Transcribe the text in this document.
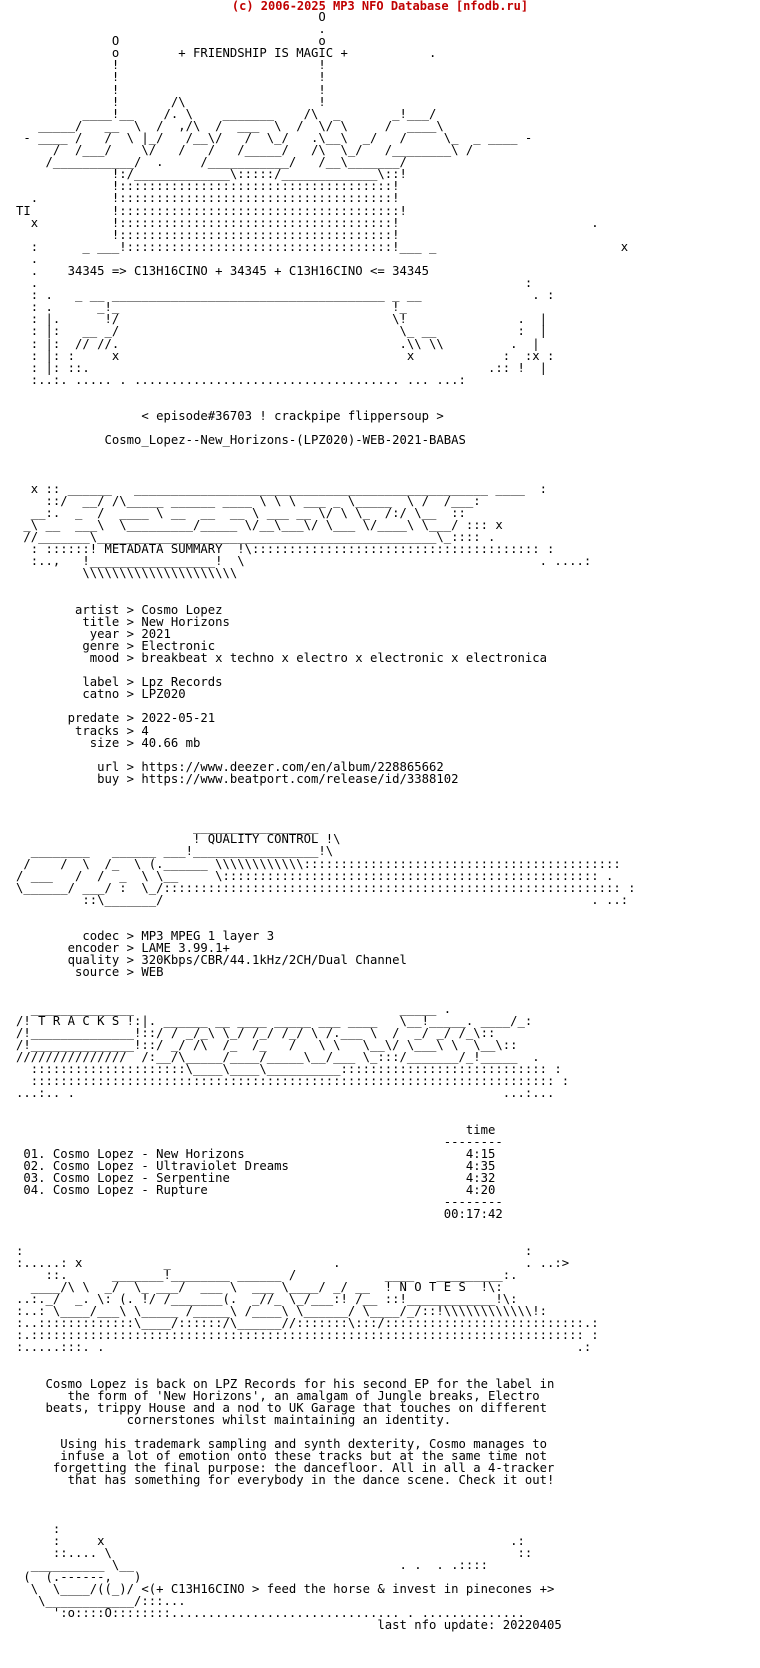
(c) 2006-2025 MP3 NFO Database [nfodb.ru]
O
.
O                           o
o        + FRIENDSHIP IS MAGIC +           .
!                           !
!                           !
!                           !
!       /\                  !
____!__    /. \    _______    /\  _       _!___/
_____/   __  \  /  ,/\  /  ___  \  /  \/ \     /  ____\
- ____ /   /  \ |_/   /__\/   /  \_/   .\__\  _/   /     \_  _ ____ -
/  /___/    \/   /   /   /_____/   /\  \_/   /________\ /
/___________/  .     /___________/   /__\_______/
!:/_____________\:::::/_____________\::!
!:::::::::::::::::::::::::::::::::::::!
.          !:::::::::::::::::::::::::::::::::::::!
TI           !::::::::::::::::::::::::::::::::::::::!
x          !:::::::::::::::::::::::::::::::::::::!                          .
!:::::::::::::::::::::::::::::::::::::!
:      _ ___!::::::::::::::::::::::::::::::::::::!___ _                         x
.
.    34345 => C13H16CINO + 34345 + C13H16CINO <= 34345
.                                                                  :
: .   _ __ _____________________________________ _ __               . :
: .      _!_                                     !_
: |.      !/                                     \!               .  |
: |:   __ _/                                      \_ __           :  |
: |:  // //.                                      .\\ \\         .  |
: |: :     x                                       x            :  :x :
: |: ::.                                                      .:: !  |
:..:. ..... . .................................... ... ...:

< episode#36703 ! crackpipe flippersoup >

Cosmo_Lopez--New_Horizons-(LPZ020)-WEB-2021-BABAS

x :: ______   ________________________________________________ ____  :
::/  __/ /\_____ ______ ____ \ \ \ ___ _ \_____  \ /  /___:
__:.  _  /  ____ \ __  __  __ \ ___ __ \/ \ \_  /:/ \__  ::
_\ __  ___\  \_________/_____ \/__\___\/ \___ \/____\ \___/ ::: x
//_______\______________________________________________\_:::: .
: ::::::! METADATA SUMMARY  !\::::::::::::::::::::::::::::::::::::::: :
:..,   !_________________!  \                                        . ....:
\\\\\\\\\\\\\\\\\\\\\

artist > Cosmo Lopez
title > New Horizons
year > 2021
genre > Electronic
mood > breakbeat x techno x electro x electronic x electronica

label > Lpz Records
catno > LPZ020

predate > 2022-05-21
tracks > 4
size > 40.66 mb

url > https://www.deezer.com/en/album/228865662
buy > https://www.beatport.com/release/id/3388102

_________________
! QUALITY CONTROL !\
________   ______ ___!_________________!\
/    /  \  /_  \ (.______ \\\\\\\\\\\\:::::::::::::::::::::::::::::::::::::::::::
/ ___   /  /  _  \ \__     \::::::::::::::::::::::::::::::::::::::::::::::::::: .
\______/ ___/ :  \_/:::::::::::::::::::::::::::::::::::::::::::::::::::::::::::::: :
::\_______/                                                          . ..:

codec > MP3 MPEG 1 layer 3
encoder > LAME 3.99.1+
quality > 320Kbps/CBR/44.1kHz/2CH/Dual Channel
source > WEB

______________                                    _____ .
/! T R A C K S !:|. ______ __ ____ _____ ___ ____   \__!_____. ____/_:
/!______________!::/ / _/_\ \_/ /_/ /_/ \ /.___ \  /  _/ _/ /_\::
/!______________!::/ _/ /\  /_  /_   /   \ \   \__\/ \___\ \  \__\::
///////////////  /:__/\_____/____/_____\__/___ \_:::/_______/_!_____  .
:::::::::::::::::::::\____\____\__________:::::::::::::::::::::::::::: :
::::::::::::::::::::::::::::::::::::::::::::::::::::::::::::::::::::::: :
...:.. .                                                          ...:...

time
--------
01. Cosmo Lopez - New Horizons                              4:15
02. Cosmo Lopez - Ultraviolet Dreams                        4:35
03. Cosmo Lopez - Serpentine                                4:32
04. Cosmo Lopez - Rupture                                   4:20
--------
00:17:42

:                                                                    :
:.....: x           _                      .                         . ..:>
::.      _______!________ ______ /            ____   _________:.
____/\ \  _/  \_ ___/  ___ \  ___ \____/ _/ __  ! N O T E S  !\:
..:._/  _. \: (. !/ /_______(.  _//_ \_/___:! /__ ::!____________!\:
:..: \____/___\ \_____ /_____\ /____\ \______/ \____/_/::!\\\\\\\\\\\\!:
:..:::::::::::::\____/::::::/\______//:::::::\:::/:::::::::::::::::::::::::::.:
:.::::::::::::::::::::::::::::::::::::::::::::::::::::::::::::::::::::::::::: :
:.....:::. .                                                                .:

Cosmo Lopez is back on LPZ Records for his second EP for the label in
the form of 'New Horizons', an amalgam of Jungle breaks, Electro
beats, trippy House and a nod to UK Garage that touches on different
cornerstones whilst maintaining an identity.

Using his trademark sampling and synth dexterity, Cosmo manages to
infuse a lot of emotion onto these tracks but at the same time not
forgetting the final purpose: the dancefloor. All in all a 4-tracker
that has something for everybody in the dance scene. Check it out!

:
:     x                                                       .:
::.... \                                                       ::
__________ \__                                    . .  . .::::
(  (.------,   )
\  \____/((_)/ <(+ C13H16CINO > feed the horse & invest in pinecones +>
\____________/:::...
':o::::O::::::::............................... . ..............
last nfo update: 20220405
